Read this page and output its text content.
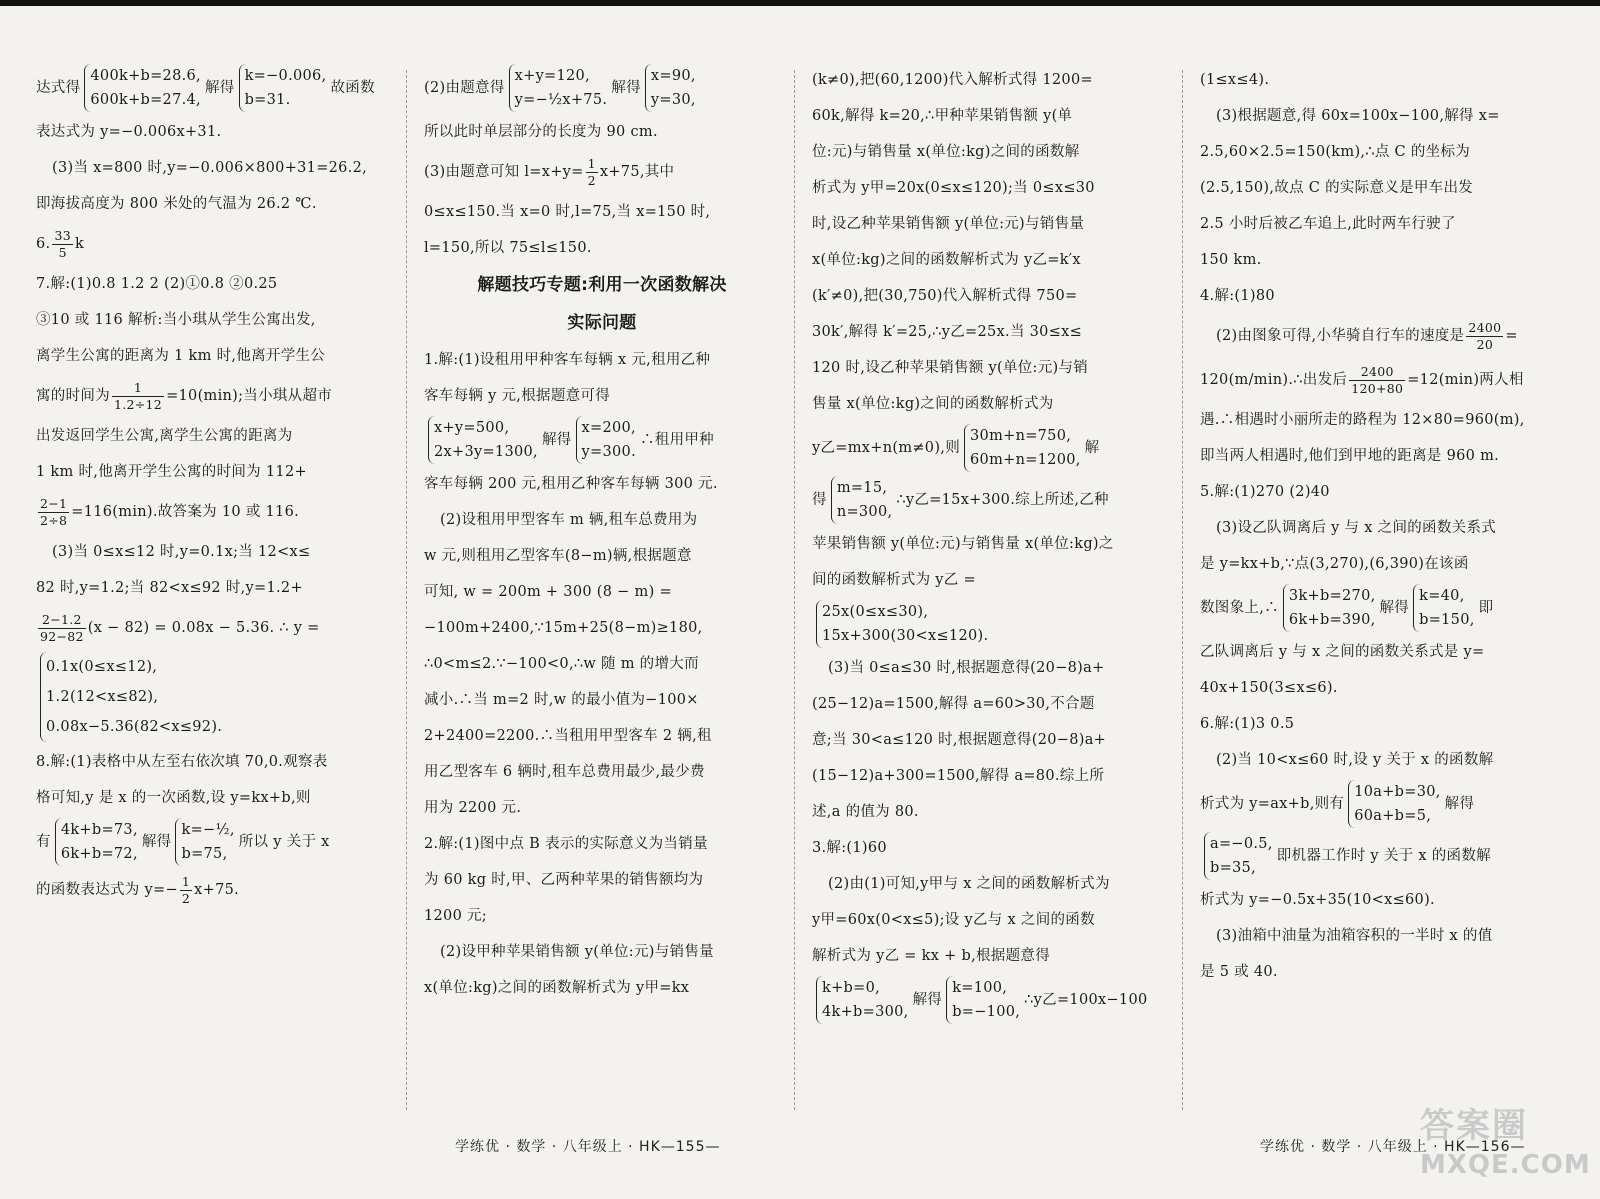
达式得
400k+b=28.6,
600k+b=27.4,
解得
k=−0.006,
b=31.
故函数
表达式为 y=−0.006x+31.
(3)当 x=800 时,y=−0.006×800+31=26.2,
即海拔高度为 800 米处的气温为 26.2 ℃.
6. $\frac{33}{5}$ k
7.解:(1)0.8 1.2 2 (2)①0.8 ②0.25
③10 或 116 解析:当小琪从学生公寓出发,
离学生公寓的距离为 1 km 时,他离开学生公
寓的时间为 $\frac{1}{1.2\div 12} =10(\min)$;当小琪从超市
出发返回学生公寓,离学生公寓的距离为
1 km 时,他离开学生公寓的时间为 112+
$\frac{2-1}{2\div 8} =116(\min)$.故答案为 10 或 116.
(3)当 0≤x≤12 时,y=0.1x;当 12<x≤
82 时,y=1.2;当 82<x≤92 时,y=1.2+
$\frac{2-1.2}{92-82} (x - 82) = 0.08x - 5.36$. ∴ y =
0.1x(0≤x≤12),
1.2(12<x≤82),
0.08x−5.36(82<x≤92).
8.解:(1)表格中从左至右依次填 70,0.观察表
格可知,y 是 x 的一次函数,设 y=kx+b,则
有
4k+b=73,
6k+b=72,
解得
k=−½,
b=75,
所以 y 关于 x
的函数表达式为 $y=- \frac{1}{2} x+75$.
(2)由题意得
x+y=120,
y=−½x+75.
解得
x=90,
y=30,
所以此时单层部分的长度为 90 cm.
(3)由题意可知 $l=x+y= \frac{1}{2} x+75$,其中
0≤x≤150.当 x=0 时,l=75,当 x=150 时,
l=150,所以 75≤l≤150.
解题技巧专题:利用一次函数解决
实际问题
1.解:(1)设租用甲种客车每辆 x 元,租用乙种
客车每辆 y 元,根据题意可得
x+y=500,
2x+3y=1300,
解得
x=200,
y=300.
∴租用甲种
客车每辆 200 元,租用乙种客车每辆 300 元.
(2)设租用甲型客车 m 辆,租车总费用为
w 元,则租用乙型客车(8−m)辆,根据题意
可知, w = 200m + 300 (8 − m) =
−100m+2400,∵15m+25(8−m)≥180,
∴0<m≤2.∵−100<0,∴w 随 m 的增大而
减小.∴当 m=2 时,w 的最小值为−100×
2+2400=2200.∴当租用甲型客车 2 辆,租
用乙型客车 6 辆时,租车总费用最少,最少费
用为 2200 元.
2.解:(1)图中点 B 表示的实际意义为当销量
为 60 kg 时,甲、乙两种苹果的销售额均为
1200 元;
(2)设甲种苹果销售额 y(单位:元)与销售量
x(单位:kg)之间的函数解析式为 y甲=kx
(k≠0),把(60,1200)代入解析式得 1200=
60k,解得 k=20,∴甲种苹果销售额 y(单
位:元)与销售量 x(单位:kg)之间的函数解
析式为 y甲=20x(0≤x≤120);当 0≤x≤30
时,设乙种苹果销售额 y(单位:元)与销售量
x(单位:kg)之间的函数解析式为 y乙=k′x
(k′≠0),把(30,750)代入解析式得 750=
30k′,解得 k′=25,∴y乙=25x.当 30≤x≤
120 时,设乙种苹果销售额 y(单位:元)与销
售量 x(单位:kg)之间的函数解析式为
y乙=mx+n(m≠0),则
30m+n=750,
60m+n=1200,
解
得
m=15,
n=300,
∴y乙=15x+300.综上所述,乙种
苹果销售额 y(单位:元)与销售量 x(单位:kg)之
间的函数解析式为 y乙 =
25x(0≤x≤30),
15x+300(30<x≤120).
(3)当 0≤a≤30 时,根据题意得(20−8)a+
(25−12)a=1500,解得 a=60>30,不合题
意;当 30<a≤120 时,根据题意得(20−8)a+
(15−12)a+300=1500,解得 a=80.综上所
述,a 的值为 80.
3.解:(1)60
(2)由(1)可知,y甲与 x 之间的函数解析式为
y甲=60x(0<x≤5);设 y乙与 x 之间的函数
解析式为 y乙 = kx + b,根据题意得
k+b=0,
4k+b=300,
解得
k=100,
b=−100,
∴y乙=100x−100
(1≤x≤4).
(3)根据题意,得 60x=100x−100,解得 x=
2.5,60×2.5=150(km),∴点 C 的坐标为
(2.5,150),故点 C 的实际意义是甲车出发
2.5 小时后被乙车追上,此时两车行驶了
150 km.
4.解:(1)80
(2)由图象可得,小华骑自行车的速度是 $\frac{2400}{20}$ =
120(m/min).∴出发后 $\frac{2400}{120+80} =12(\min)$两人相
遇.∴相遇时小丽所走的路程为 12×80=960(m),
即当两人相遇时,他们到甲地的距离是 960 m.
5.解:(1)270 (2)40
(3)设乙队调离后 y 与 x 之间的函数关系式
是 y=kx+b,∵点(3,270),(6,390)在该函
数图象上,∴
3k+b=270,
6k+b=390,
解得
k=40,
b=150,
即
乙队调离后 y 与 x 之间的函数关系式是 y=
40x+150(3≤x≤6).
6.解:(1)3 0.5
(2)当 10<x≤60 时,设 y 关于 x 的函数解
析式为 y=ax+b,则有
10a+b=30,
60a+b=5,
解得
a=−0.5,
b=35,
即机器工作时 y 关于 x 的函数解
析式为 y=−0.5x+35(10<x≤60).
(3)油箱中油量为油箱容积的一半时 x 的值
是 5 或 40.
学练优 · 数学 · 八年级上 · HK—155—	学练优 · 数学 · 八年级上 · HK—156—
答案圈
MXQE.COM
